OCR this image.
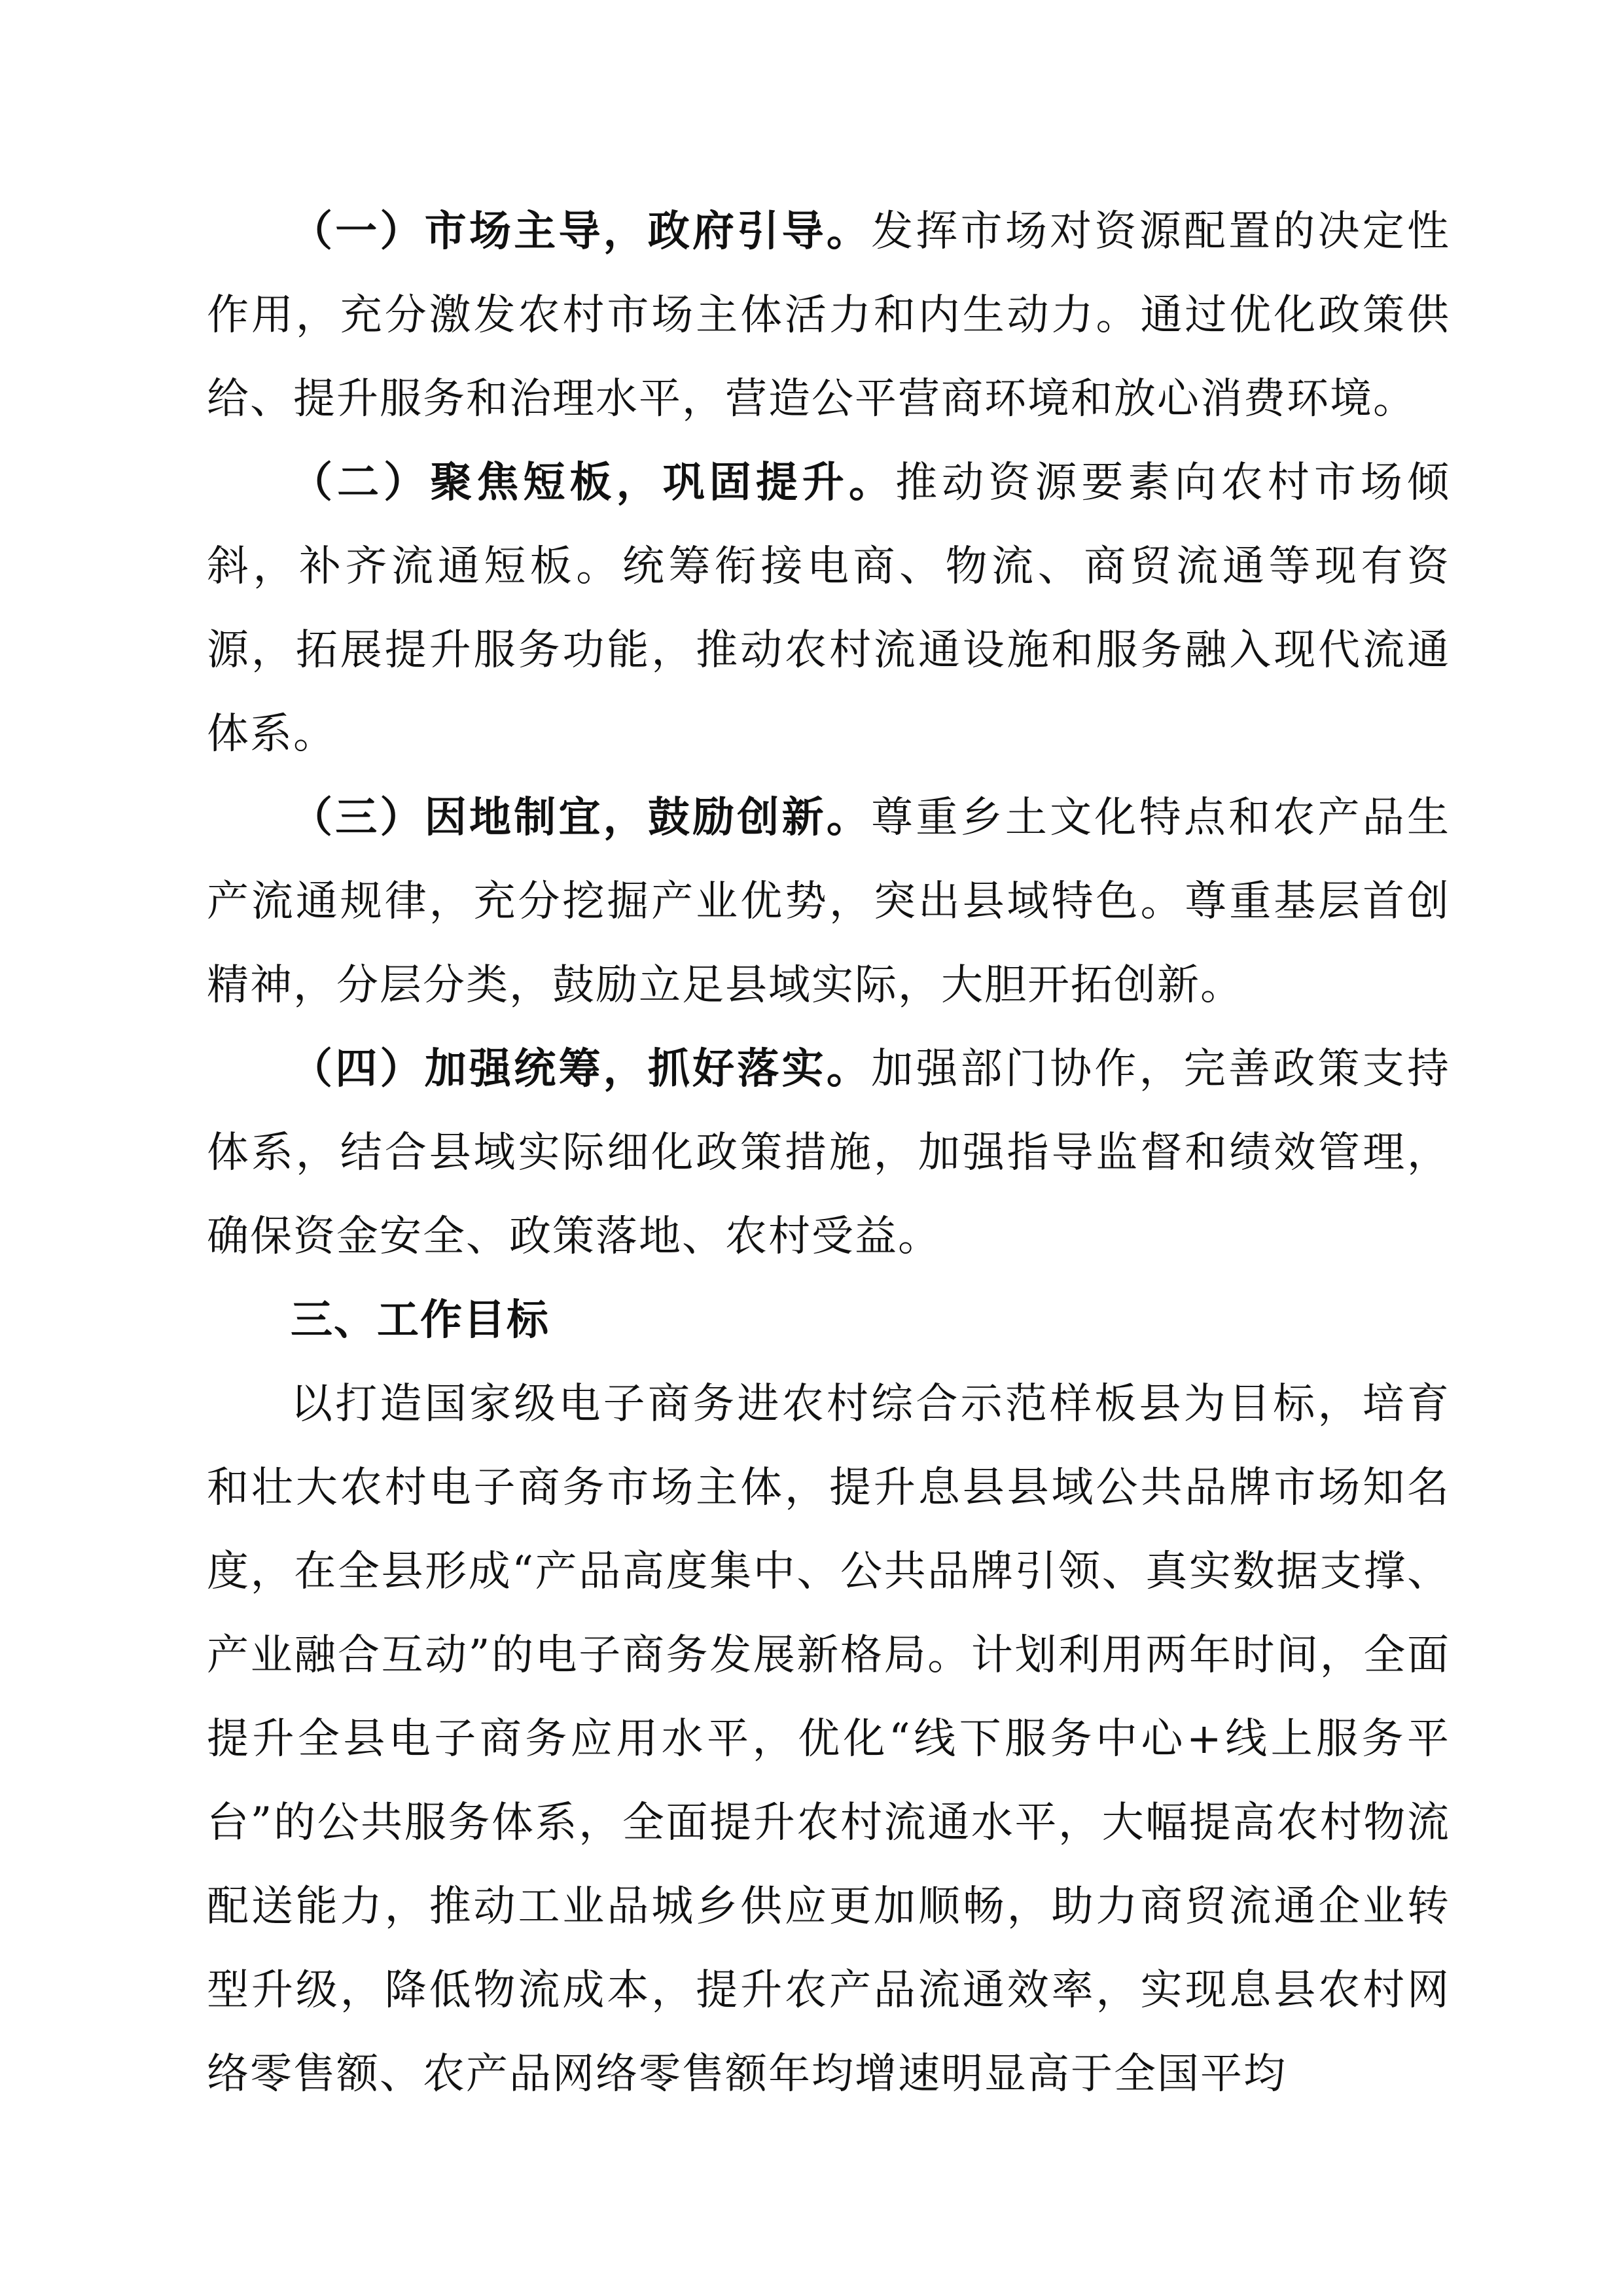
（一）市场主导，政府引导。发挥市场对资源配置的决定性作用，充分激发农村市场主体活力和内生动力。通过优化政策供给、提升服务和治理水平，营造公平营商环境和放心消费环境。

（二）聚焦短板，巩固提升。推动资源要素向农村市场倾斜，补齐流通短板。统筹衔接电商、物流、商贸流通等现有资源，拓展提升服务功能，推动农村流通设施和服务融入现代流通体系。

（三）因地制宜，鼓励创新。尊重乡土文化特点和农产品生产流通规律，充分挖掘产业优势，突出县域特色。尊重基层首创精神，分层分类，鼓励立足县域实际，大胆开拓创新。

（四）加强统筹，抓好落实。加强部门协作，完善政策支持体系，结合县域实际细化政策措施，加强指导监督和绩效管理，确保资金安全、政策落地、农村受益。

三、工作目标

以打造国家级电子商务进农村综合示范样板县为目标，培育和壮大农村电子商务市场主体，提升息县县域公共品牌市场知名度，在全县形成“产品高度集中、公共品牌引领、真实数据支撑、产业融合互动”的电子商务发展新格局。计划利用两年时间，全面提升全县电子商务应用水平，优化“线下服务中心+线上服务平台”的公共服务体系，全面提升农村流通水平，大幅提高农村物流配送能力，推动工业品城乡供应更加顺畅，助力商贸流通企业转型升级，降低物流成本，提升农产品流通效率，实现息县农村网络零售额、农产品网络零售额年均增速明显高于全国平均
